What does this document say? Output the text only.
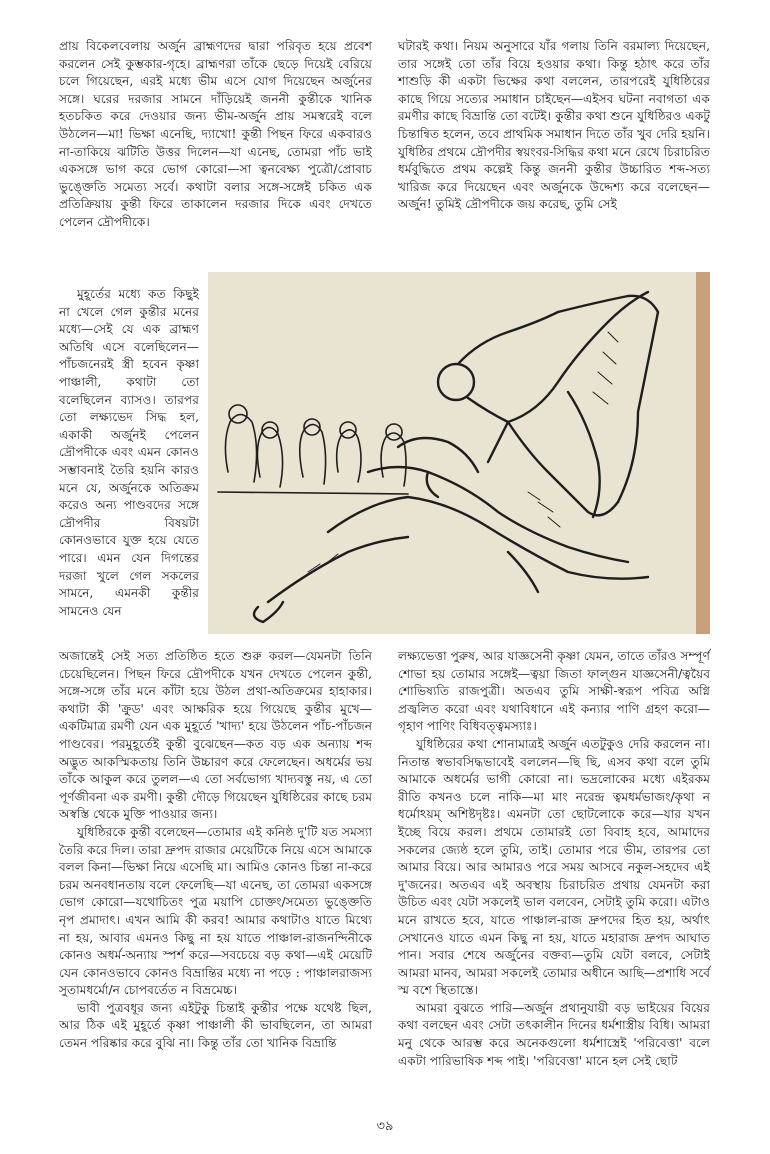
প্রায় বিকেলবেলায় অর্জুন ব্রাহ্মণদের দ্বারা পরিবৃত হয়ে প্রবেশ করলেন সেই কুম্ভকার-গৃহে। ব্রাহ্মণরা তাঁকে ছেড়ে দিয়েই বেরিয়ে চলে গিয়েছেন, এরই মধ্যে ভীম এসে যোগ দিয়েছেন অর্জুনের সঙ্গে। ঘরের দরজার সামনে দাঁড়িয়েই জননী কুন্তীকে খানিক হতচকিত করে দেওয়ার জন্য ভীম-অর্জুন প্রায় সমস্বরেই বলে উঠলেন—মা! ভিক্ষা এনেছি, দ্যাখো! কুন্তী পিছন ফিরে একবারও না-তাকিয়ে ঝটিতি উত্তর দিলেন—যা এনেছ, তোমরা পাঁচ ভাই একসঙ্গে ভাগ করে ভোগ কোরো—সা ত্বনবেক্ষ্য পুত্রৌ/প্রোবাচ ভুঙ্ক্তেতি সমেত্য সর্বে। কথাটা বলার সঙ্গে-সঙ্গেই চকিত এক প্রতিক্রিয়ায় কুন্তী ফিরে তাকালেন দরজার দিকে এবং দেখতে পেলেন দ্রৌপদীকে।

মুহূর্তের মধ্যে কত কিছুই না খেলে গেল কুন্তীর মনের মধ্যে—সেই যে এক ব্রাহ্মণ অতিথি এসে বলেছিলেন—পাঁচজনেরই স্ত্রী হবেন কৃষ্ণা পাঞ্চালী, কথাটা তো বলেছিলেন ব্যাসও। তারপর তো লক্ষ্যভেদ সিদ্ধ হল, একাকী অর্জুনই পেলেন দ্রৌপদীকে এবং এমন কোনও সম্ভাবনাই তৈরি হয়নি কারও মনে যে, অর্জুনকে অতিক্রম করেও অন্য পাণ্ডবদের সঙ্গে দ্রৌপদীর বিষয়টা কোনওভাবে যুক্ত হয়ে যেতে পারে। এমন যেন দিগন্তের দরজা খুলে গেল সকলের সামনে, এমনকী কুন্তীর সামনেও যেন

ঘটারই কথা। নিয়ম অনুসারে যাঁর গলায় তিনি বরমাল্য দিয়েছেন, তার সঙ্গেই তো তাঁর বিয়ে হওয়ার কথা। কিন্তু হঠাৎ করে তাঁর শাশুড়ি কী একটা ভিক্ষের কথা বললেন, তারপরেই যুধিষ্ঠিরের কাছে গিয়ে সত্যের সমাধান চাইছেন—এইসব ঘটনা নবাগতা এক রমণীর কাছে বিভ্রান্তি তো বটেই। কুন্তীর কথা শুনে যুধিষ্ঠিরও একটু চিন্তান্বিত হলেন, তবে প্রাথমিক সমাধান দিতে তাঁর খুব দেরি হয়নি। যুধিষ্ঠির প্রথমে দ্রৌপদীর স্বয়ংবর-সিদ্ধির কথা মনে রেখে চিরাচরিত ধর্মবুদ্ধিতে প্রথম কল্পেই কিন্তু জননী কুন্তীর উচ্চারিত শব্দ-সত্য খারিজ করে দিয়েছেন এবং অর্জুনকে উদ্দেশ্য করে বলেছেন—অর্জুন! তুমিই দ্রৌপদীকে জয় করেছ, তুমি সেই

অজান্তেই সেই সত্য প্রতিষ্ঠিত হতে শুরু করল—যেমনটা তিনি চেয়েছিলেন। পিছন ফিরে দ্রৌপদীকে যখন দেখতে পেলেন কুন্তী, সঙ্গে-সঙ্গে তাঁর মনে কাঁটা হয়ে উঠল প্রথা-অতিক্রমের হাহাকার। কথাটা কী 'ক্রুড' এবং আক্ষরিক হয়ে গিয়েছে কুন্তীর মুখে—একটিমাত্র রমণী যেন এক মুহূর্তে 'খাদ্য' হয়ে উঠলেন পাঁচ-পাঁচজন পাণ্ডবের। পরমুহূর্তেই কুন্তী বুঝেছেন—কত বড় এক অন্যায় শব্দ অদ্ভুত আকস্মিকতায় তিনি উচ্চারণ করে ফেলেছেন। অধর্মের ভয় তাঁকে আকুল করে তুলল—এ তো সর্বভোগ্য খাদ্যবস্তু নয়, এ তো পূর্ণজীবনা এক রমণী। কুন্তী দৌড়ে গিয়েছেন যুধিষ্ঠিরের কাছে চরম অস্বস্তি থেকে মুক্তি পাওয়ার জন্য।

যুধিষ্ঠিরকে কুন্তী বলেছেন—তোমার এই কনিষ্ঠ দু'টি যত সমস্যা তৈরি করে দিল। তারা দ্রুপদ রাজার মেয়েটিকে নিয়ে এসে আমাকে বলল কিনা—ভিক্ষা নিয়ে এসেছি মা। আমিও কোনও চিন্তা না-করে চরম অনবধানতায় বলে ফেলেছি—যা এনেছ, তা তোমরা একসঙ্গে ভোগ কোরো—যথোচিতং পুত্র ময়াপি চোক্তং/সমেত্য ভুঙ্ক্তেতি নৃপ প্রমাদাৎ। এখন আমি কী করব! আমার কথাটাও যাতে মিথ্যে না হয়, আবার এমনও কিছু না হয় যাতে পাঞ্চাল-রাজনন্দিনীকে কোনও অধর্ম-অন্যায় স্পর্শ করে—সবচেয়ে বড় কথা—এই মেয়েটি যেন কোনওভাবে কোনও বিভ্রান্তির মধ্যে না পড়ে : পাঞ্চালরাজস্য সুতামধর্মো/ন চোপবর্তেত ন বিভ্রমেচ্চ।

ভাবী পুত্রবধূর জন্য এইটুকু চিন্তাই কুন্তীর পক্ষে যথেষ্ট ছিল, আর ঠিক এই মুহূর্তে কৃষ্ণা পাঞ্চালী কী ভাবছিলেন, তা আমরা তেমন পরিষ্কার করে বুঝি না। কিন্তু তাঁর তো খানিক বিভ্রান্তি

লক্ষ্যভেত্তা পুরুষ, আর যাজ্ঞসেনী কৃষ্ণা যেমন, তাতে তাঁরও সম্পূর্ণ শোভা হয় তোমার সঙ্গেই—ত্বয়া জিতা ফাল্গুন যাজ্ঞসেনী/ত্বয়ৈব শোভিষ্যতি রাজপুত্রী। অতএব তুমি সাক্ষী-স্বরূপ পবিত্র অগ্নি প্রজ্বলিত করো এবং যথাবিধানে এই কন্যার পাণি গ্রহণ করো—গৃহাণ পাণিং বিধিবত্ত্বমস্যাঃ।

যুধিষ্ঠিরের কথা শোনামাত্রই অর্জুন এতটুকুও দেরি করলেন না। নিতান্ত স্বভাবসিদ্ধভাবেই বললেন—ছি ছি, এসব কথা বলে তুমি আমাকে অধর্মের ভাগী কোরো না। ভদ্রলোকের মধ্যে এইরকম রীতি কখনও চলে নাকি—মা মাং নরেন্দ্র ত্বমধর্মভাজং/কৃথা ন ধর্মোঽয়ম্ অশিষ্টদৃষ্টঃ। এমনটা তো ছোটলোকে করে—যার যখন ইচ্ছে বিয়ে করল। প্রথমে তোমারই তো বিবাহ হবে, আমাদের সকলের জ্যেষ্ঠ হলে তুমি, তাই। তোমার পরে ভীম, তারপর তো আমার বিয়ে। আর আমারও পরে সময় আসবে নকুল-সহদেব এই দু'জনের। অতএব এই অবস্থায় চিরাচরিত প্রথায় যেমনটা করা উচিত এবং যেটা সকলেই ভাল বলবেন, সেটাই তুমি করো। এটাও মনে রাখতে হবে, যাতে পাঞ্চাল-রাজ দ্রুপদের হিত হয়, অর্থাৎ সেখানেও যাতে এমন কিছু না হয়, যাতে মহারাজ দ্রুপদ আঘাত পান। সবার শেষে অর্জুনের বক্তব্য—তুমি যেটা বলবে, সেটাই আমরা মানব, আমরা সকলেই তোমার অধীনে আছি—প্রশাধি সর্বে স্ম বশে স্থিতাস্তে।

আমরা বুঝতে পারি—অর্জুন প্রথানুযায়ী বড় ভাইয়ের বিয়ের কথা বলছেন এবং সেটা তৎকালীন দিনের ধর্মশাস্ত্রীয় বিধি। আমরা মনু থেকে আরম্ভ করে অনেকগুলো ধর্মশাস্ত্রেই 'পরিবেত্তা' বলে একটা পারিভাষিক শব্দ পাই। 'পরিবেত্তা' মানে হল সেই ছোট

৩৯
